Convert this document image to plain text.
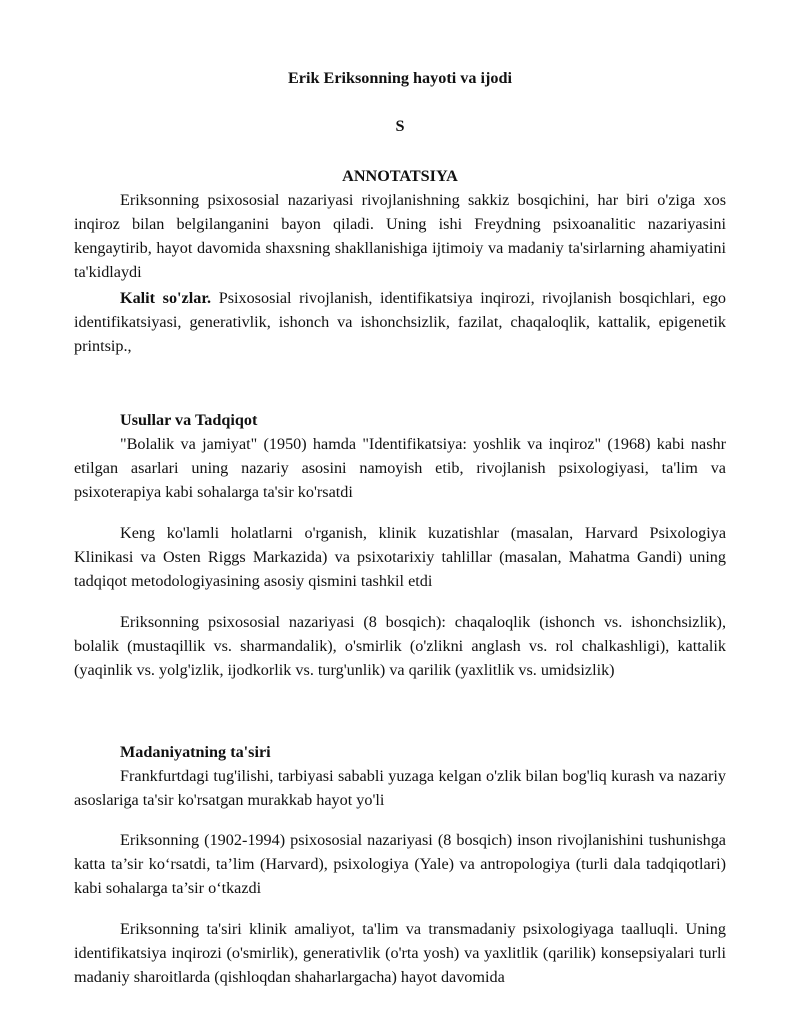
Erik Eriksonning hayoti va ijodi
S
ANNOTATSIYA

Eriksonning psixososial nazariyasi rivojlanishning sakkiz bosqichini, har biri o'ziga xos inqiroz bilan belgilanganini bayon qiladi. Uning ishi Freydning psixoanalitic nazariyasini kengaytirib, hayot davomida shaxsning shakllanishiga ijtimoiy va madaniy ta'sirlarning ahamiyatini ta'kidlaydi

Kalit so'zlar. Psixososial rivojlanish, identifikatsiya inqirozi, rivojlanish bosqichlari, ego identifikatsiyasi, generativlik, ishonch va ishonchsizlik, fazilat, chaqaloqlik, kattalik, epigenetik printsip.,

Usullar va Tadqiqot

"Bolalik va jamiyat" (1950) hamda "Identifikatsiya: yoshlik va inqiroz" (1968) kabi nashr etilgan asarlari uning nazariy asosini namoyish etib, rivojlanish psixologiyasi, ta'lim va psixoterapiya kabi sohalarga ta'sir ko'rsatdi

Keng ko'lamli holatlarni o'rganish, klinik kuzatishlar (masalan, Harvard Psixologiya Klinikasi va Osten Riggs Markazida) va psixotarixiy tahlillar (masalan, Mahatma Gandi) uning tadqiqot metodologiyasining asosiy qismini tashkil etdi

Eriksonning psixososial nazariyasi (8 bosqich): chaqaloqlik (ishonch vs. ishonchsizlik), bolalik (mustaqillik vs. sharmandalik), o'smirlik (o'zlikni anglash vs. rol chalkashligi), kattalik (yaqinlik vs. yolg'izlik, ijodkorlik vs. turg'unlik) va qarilik (yaxlitlik vs. umidsizlik)

Madaniyatning ta'siri

Frankfurtdagi tug'ilishi, tarbiyasi sababli yuzaga kelgan o'zlik bilan bog'liq kurash va nazariy asoslariga ta'sir ko'rsatgan murakkab hayot yo'li

Eriksonning (1902-1994) psixososial nazariyasi (8 bosqich) inson rivojlanishini tushunishga katta ta’sir ko‘rsatdi, ta’lim (Harvard), psixologiya (Yale) va antropologiya (turli dala tadqiqotlari) kabi sohalarga ta’sir o‘tkazdi

Eriksonning ta'siri klinik amaliyot, ta'lim va transmadaniy psixologiyaga taalluqli. Uning identifikatsiya inqirozi (o'smirlik), generativlik (o'rta yosh) va yaxlitlik (qarilik) konsepsiyalari turli madaniy sharoitlarda (qishloqdan shaharlargacha) hayot davomida
